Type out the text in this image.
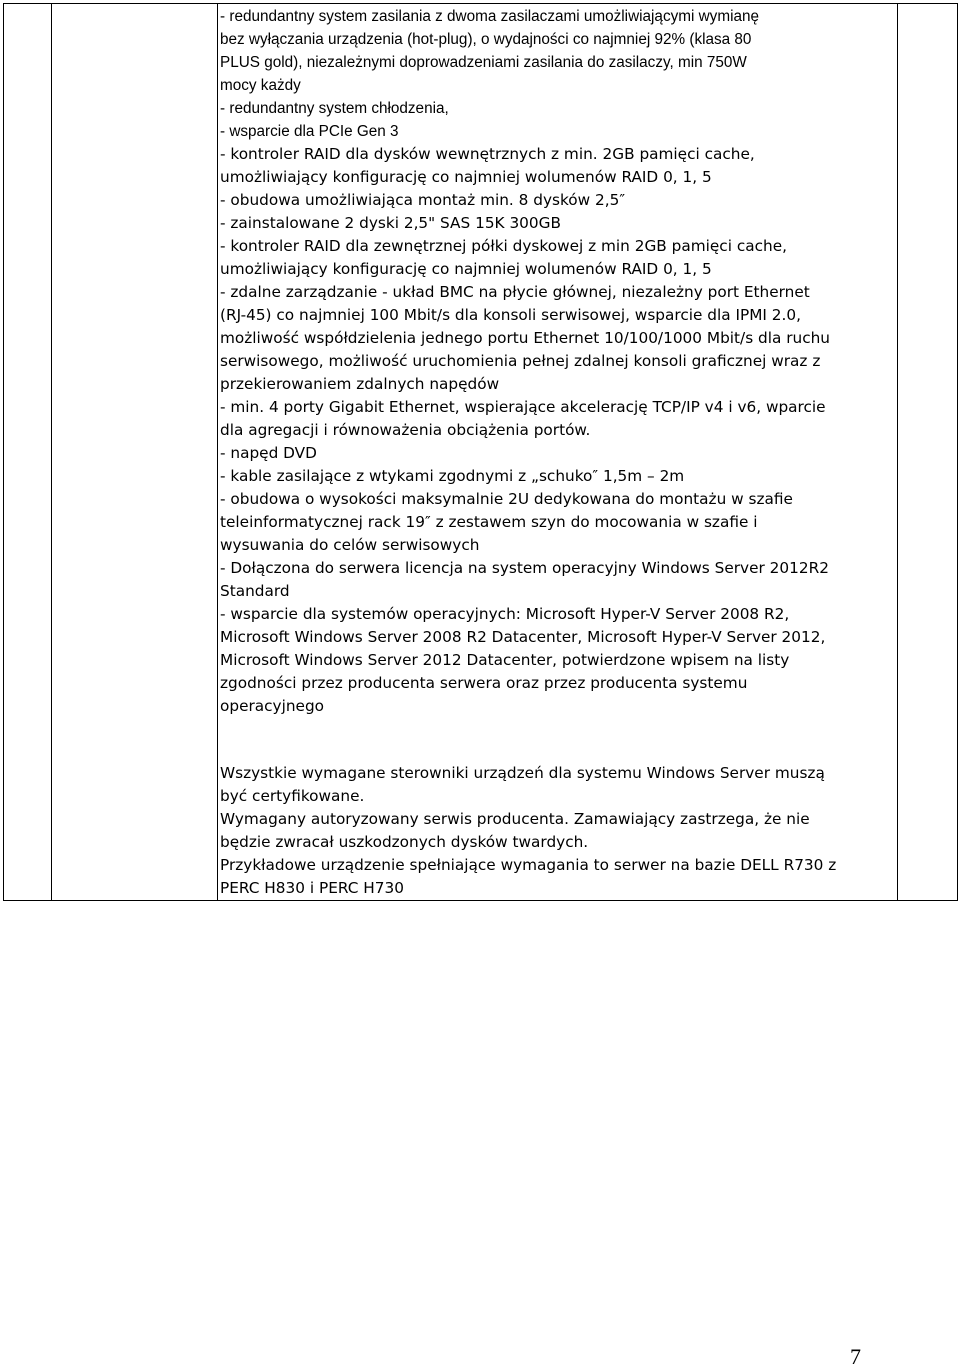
- redundantny system zasilania z dwoma zasilaczami umożliwiającymi wymianę
bez wyłączania urządzenia (hot-plug), o wydajności co najmniej 92% (klasa 80
PLUS gold), niezależnymi doprowadzeniami zasilania do zasilaczy, min 750W
mocy każdy
- redundantny system chłodzenia,
- wsparcie dla PCIe Gen 3
- kontroler RAID dla dysków wewnętrznych z min. 2GB pamięci cache,
umożliwiający konfigurację co najmniej wolumenów RAID 0, 1, 5
- obudowa umożliwiająca montaż min. 8 dysków 2,5″
- zainstalowane 2 dyski 2,5" SAS 15K 300GB
- kontroler RAID dla zewnętrznej półki dyskowej z min 2GB pamięci cache,
umożliwiający konfigurację co najmniej wolumenów RAID 0, 1, 5
- zdalne zarządzanie - układ BMC na płycie głównej, niezależny port Ethernet
(RJ-45) co najmniej 100 Mbit/s dla konsoli serwisowej, wsparcie dla IPMI 2.0,
możliwość współdzielenia jednego portu Ethernet 10/100/1000 Mbit/s dla ruchu
serwisowego, możliwość uruchomienia pełnej zdalnej konsoli graficznej wraz z
przekierowaniem zdalnych napędów
- min. 4 porty Gigabit Ethernet, wspierające akcelerację TCP/IP v4 i v6, wparcie
dla agregacji i równoważenia obciążenia portów.
- napęd DVD
- kable zasilające z wtykami zgodnymi z „schuko″ 1,5m – 2m
- obudowa o wysokości maksymalnie 2U dedykowana do montażu w szafie
teleinformatycznej rack 19″ z zestawem szyn do mocowania w szafie i
wysuwania do celów serwisowych
- Dołączona do serwera licencja na system operacyjny Windows Server 2012R2
Standard
- wsparcie dla systemów operacyjnych: Microsoft Hyper-V Server 2008 R2,
Microsoft Windows Server 2008 R2 Datacenter, Microsoft Hyper-V Server 2012,
Microsoft Windows Server 2012 Datacenter, potwierdzone wpisem na listy
zgodności przez producenta serwera oraz przez producenta systemu
operacyjnego
Wszystkie wymagane sterowniki urządzeń dla systemu Windows Server muszą
być certyfikowane.
Wymagany autoryzowany serwis producenta. Zamawiający zastrzega, że nie
będzie zwracał uszkodzonych dysków twardych.
Przykładowe urządzenie spełniające wymagania to serwer na bazie DELL R730 z
PERC H830 i PERC H730

7
